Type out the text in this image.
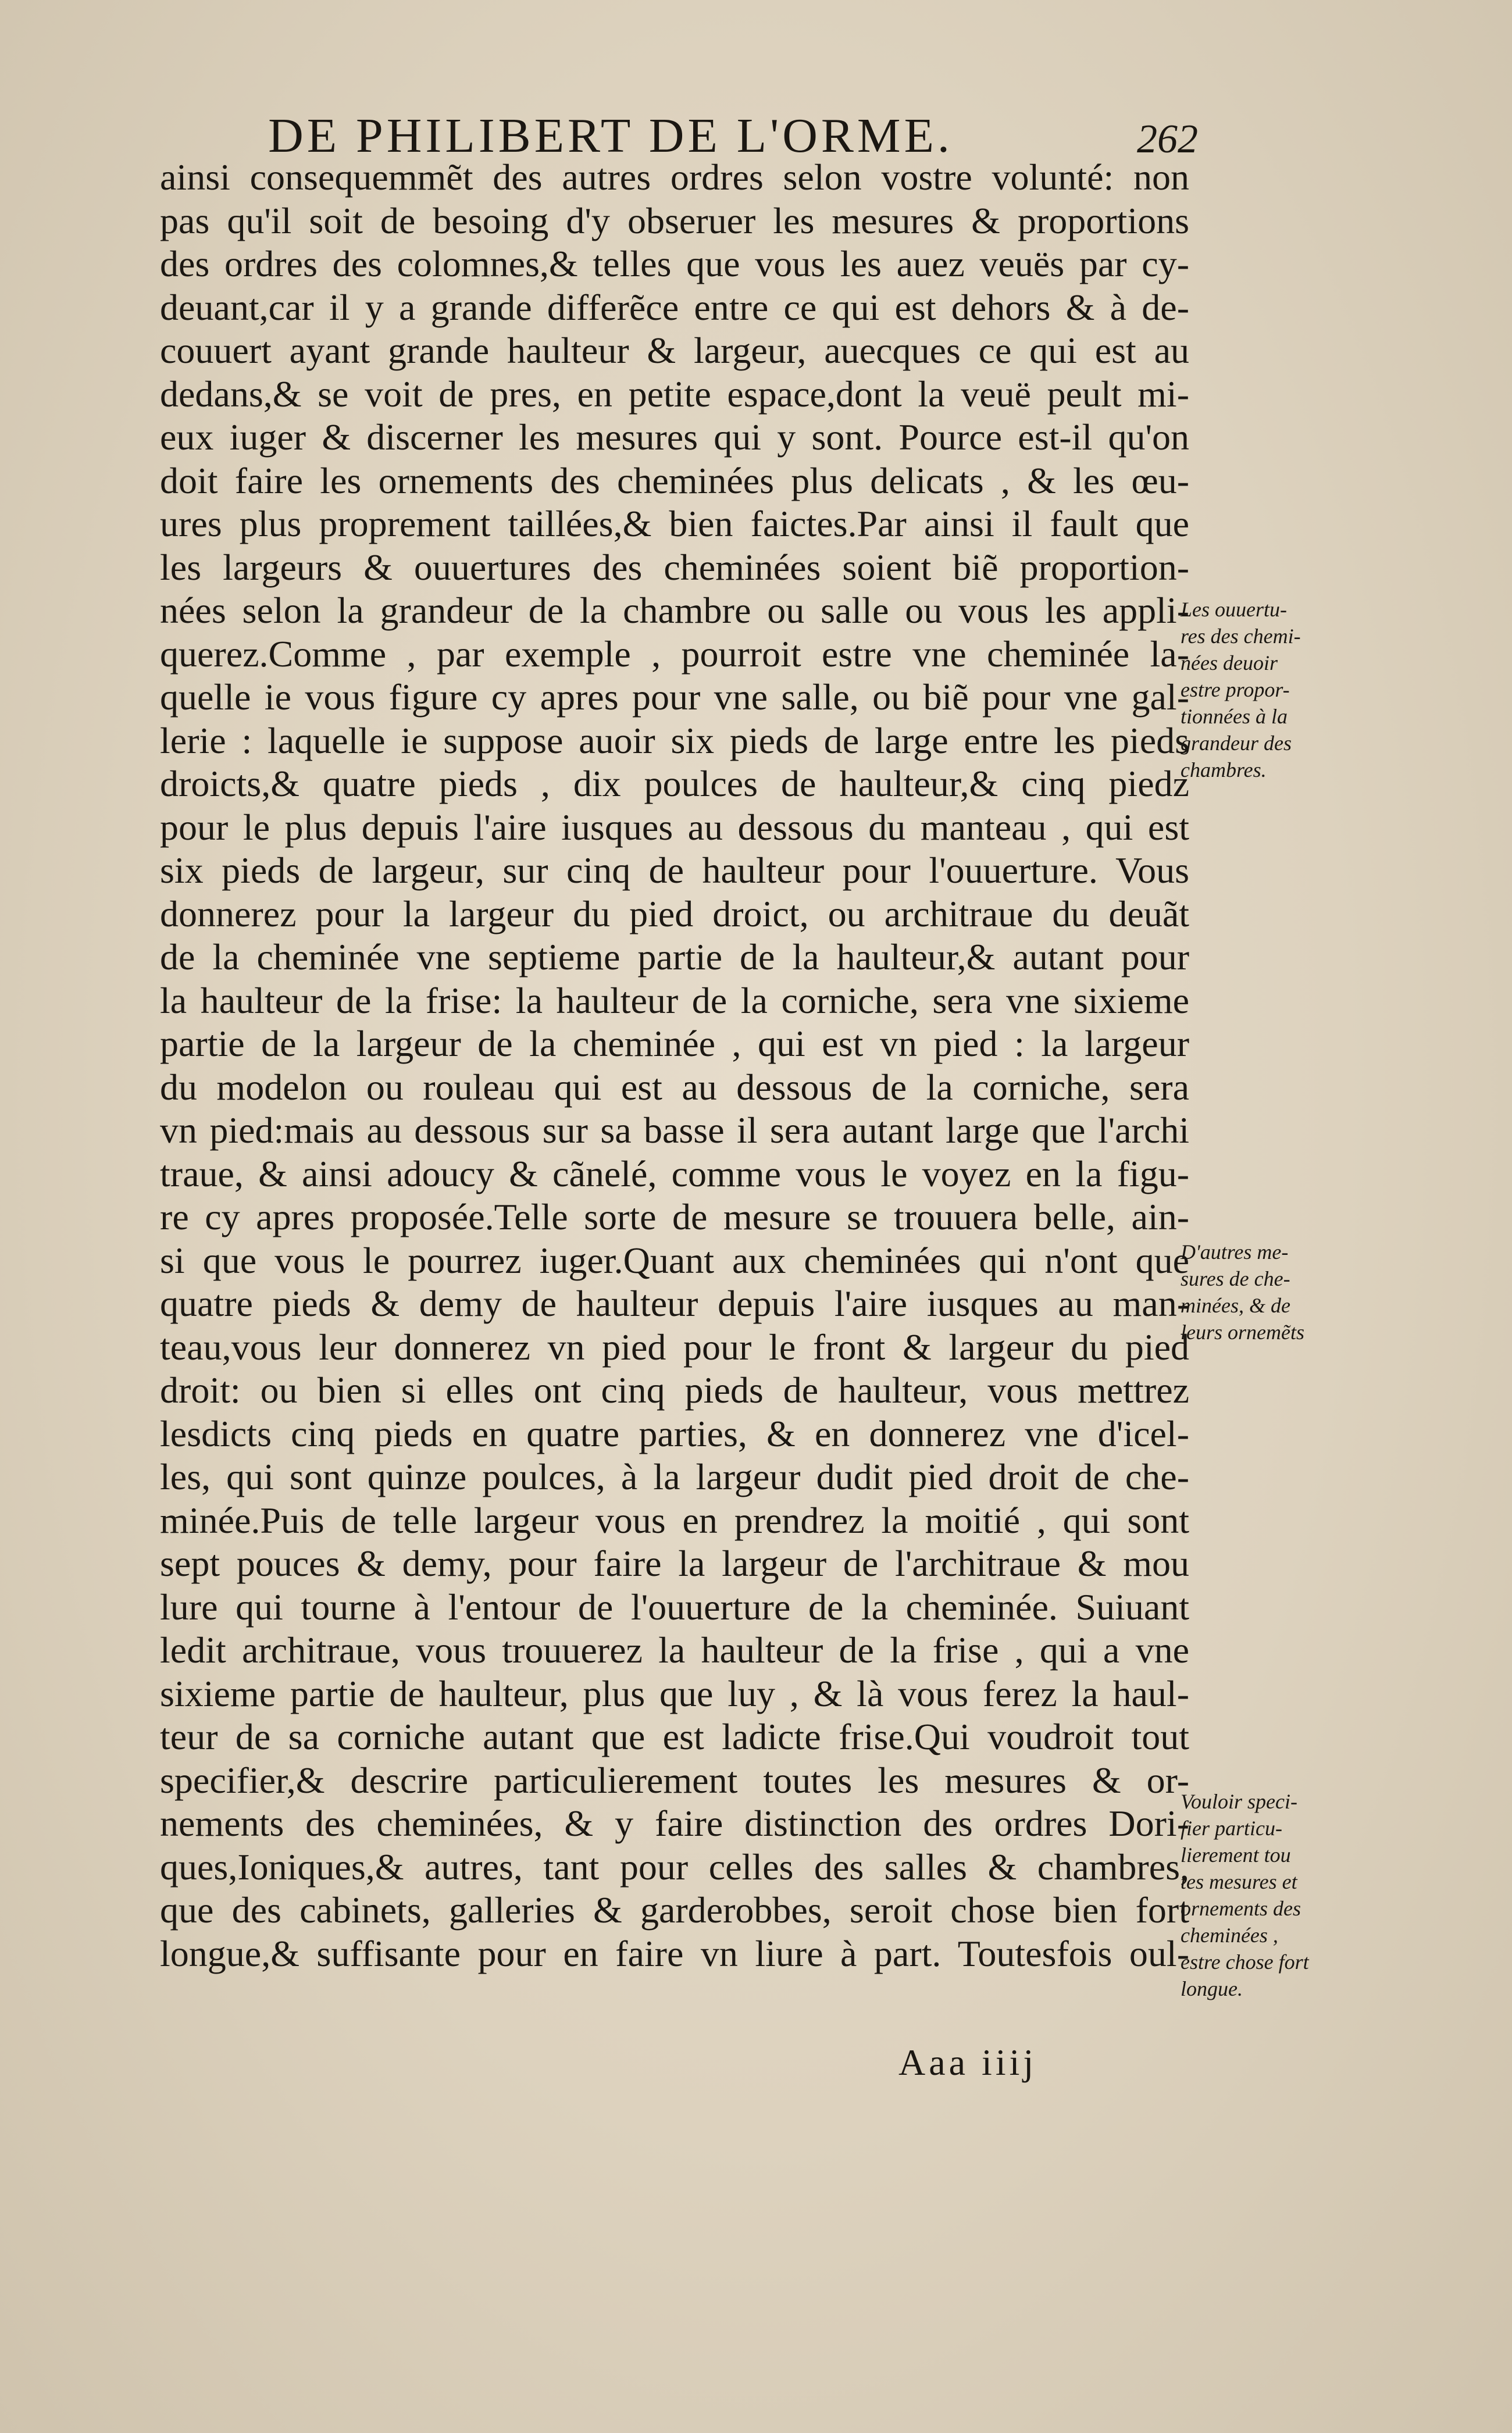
DE PHILIBERT DE L'ORME.	262
ainsi consequemmẽt des autres ordres selon vostre volunté: non
pas qu'il soit de besoing d'y obseruer les mesures & proportions
des ordres des colomnes,& telles que vous les auez veuës par cy-
deuant,car il y a grande differẽce entre ce qui est dehors & à de-
couuert ayant grande haulteur & largeur, auecques ce qui est au
dedans,& se voit de pres, en petite espace,dont la veuë peult mi-
eux iuger & discerner les mesures qui y sont. Pource est-il qu'on
doit faire les ornements des cheminées plus delicats , & les œu-
ures plus proprement taillées,& bien faictes.Par ainsi il fault que
les largeurs & ouuertures des cheminées soient biẽ proportion-
nées selon la grandeur de la chambre ou salle ou vous les appli-
querez.Comme , par exemple , pourroit estre vne cheminée la-
quelle ie vous figure cy apres pour vne salle, ou biẽ pour vne gal-
lerie : laquelle ie suppose auoir six pieds de large entre les pieds
droicts,& quatre pieds , dix poulces de haulteur,& cinq piedz
pour le plus depuis l'aire iusques au dessous du manteau , qui est
six pieds de largeur, sur cinq de haulteur pour l'ouuerture. Vous
donnerez pour la largeur du pied droict, ou architraue du deuãt
de la cheminée vne septieme partie de la haulteur,& autant pour
la haulteur de la frise: la haulteur de la corniche, sera vne sixieme
partie de la largeur de la cheminée , qui est vn pied : la largeur
du modelon ou rouleau qui est au dessous de la corniche, sera
vn pied:mais au dessous sur sa basse il sera autant large que l'archi
traue, & ainsi adoucy & cãnelé, comme vous le voyez en la figu-
re cy apres proposée.Telle sorte de mesure se trouuera belle, ain-
si que vous le pourrez iuger.Quant aux cheminées qui n'ont que
quatre pieds & demy de haulteur depuis l'aire iusques au man-
teau,vous leur donnerez vn pied pour le front & largeur du pied
droit: ou bien si elles ont cinq pieds de haulteur, vous mettrez
lesdicts cinq pieds en quatre parties, & en donnerez vne d'icel-
les, qui sont quinze poulces, à la largeur dudit pied droit de che-
minée.Puis de telle largeur vous en prendrez la moitié , qui sont
sept pouces & demy, pour faire la largeur de l'architraue & mou
lure qui tourne à l'entour de l'ouuerture de la cheminée. Suiuant
ledit architraue, vous trouuerez la haulteur de la frise , qui a vne
sixieme partie de haulteur, plus que luy , & là vous ferez la haul-
teur de sa corniche autant que est ladicte frise.Qui voudroit tout
specifier,& descrire particulierement toutes les mesures & or-
nements des cheminées, & y faire distinction des ordres Dori-
ques,Ioniques,& autres, tant pour celles des salles & chambres,
que des cabinets, galleries & garderobbes, seroit chose bien fort
longue,& suffisante pour en faire vn liure à part. Toutesfois oul-
Les ouuertu-
res des chemi-
nées deuoir
estre propor-
tionnées à la
grandeur des
chambres.
D'autres me-
sures de che-
minées, & de
leurs ornemẽts
Vouloir speci-
fier particu-
lierement tou
tes mesures et
ornements des
cheminées ,
estre chose fort
longue.
Aaa iiij
